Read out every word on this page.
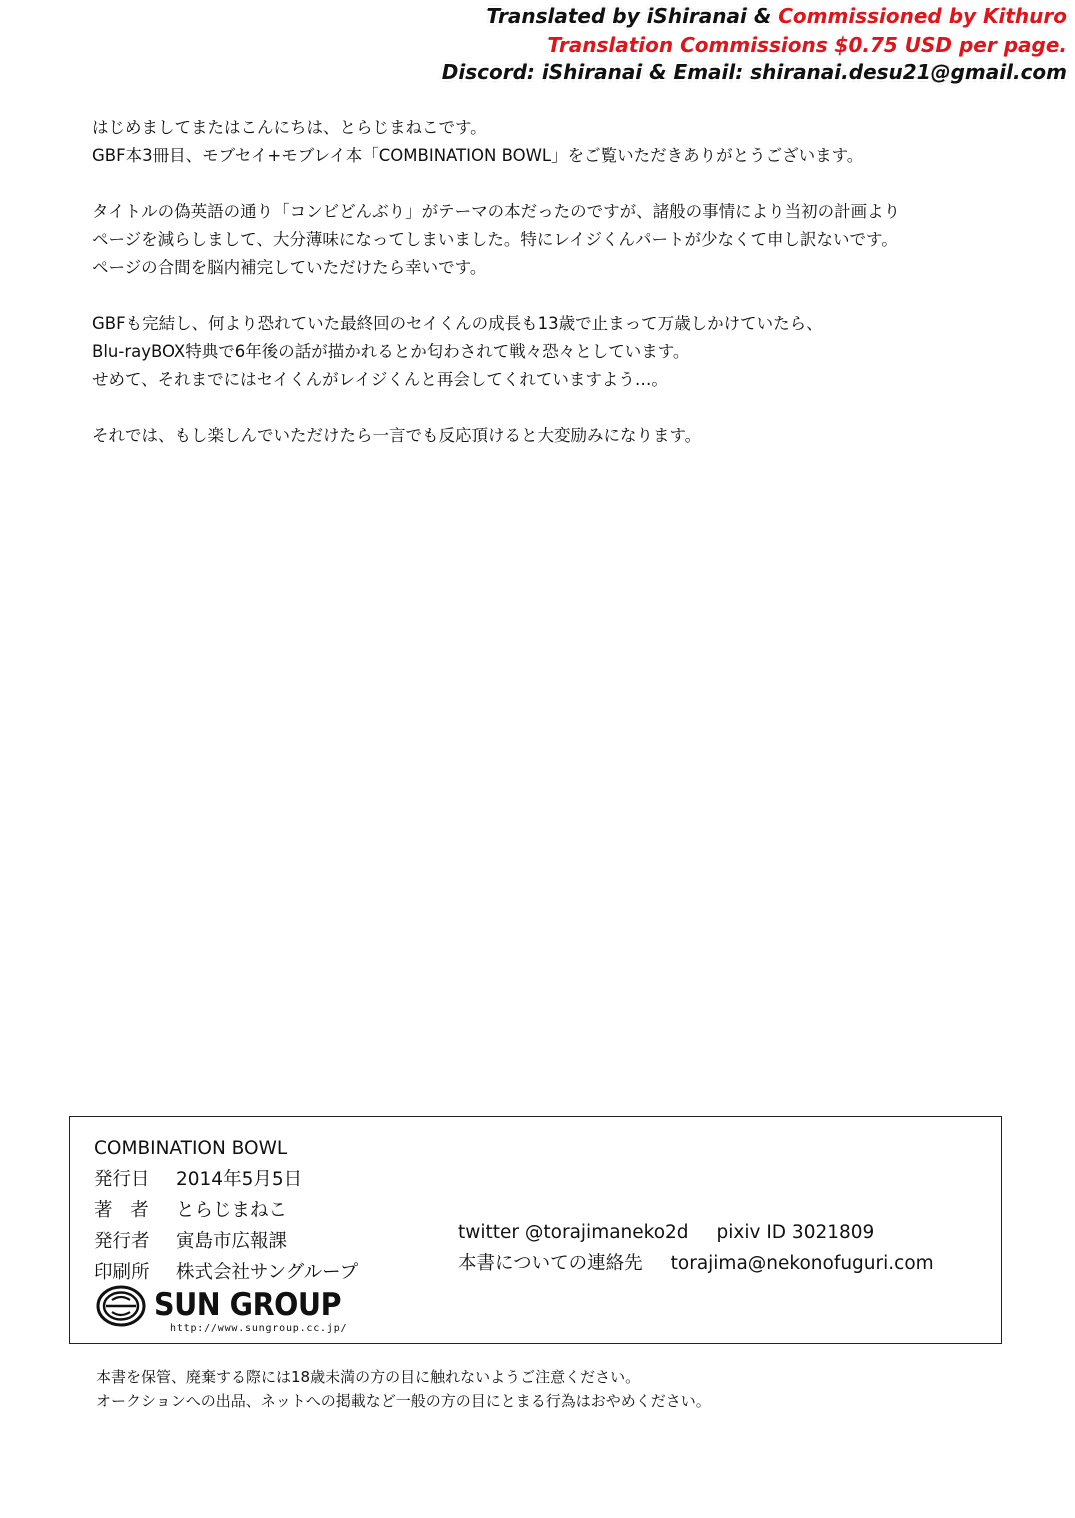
Translated by iShiranai & Commissioned by Kithuro
Translation Commissions $0.75 USD per page.
Discord: iShiranai & Email: shiranai.desu21@gmail.com

はじめましてまたはこんにちは、とらじまねこです。

GBF本3冊目、モブセイ+モブレイ本「COMBINATION BOWL」をご覧いただきありがとうございます。

タイトルの偽英語の通り「コンビどんぶり」がテーマの本だったのですが、諸般の事情により当初の計画より

ページを減らしまして、大分薄味になってしまいました。特にレイジくんパートが少なくて申し訳ないです。

ページの合間を脳内補完していただけたら幸いです。

GBFも完結し、何より恐れていた最終回のセイくんの成長も13歳で止まって万歳しかけていたら、

Blu-rayBOX特典で6年後の話が描かれるとか匂わされて戦々恐々としています。

せめて、それまでにはセイくんがレイジくんと再会してくれていますよう…。

それでは、もし楽しんでいただけたら一言でも反応頂けると大変励みになります。

COMBINATION BOWL
発行日 2014年5月5日
著者 とらじまねこ
発行者 寅島市広報課
印刷所 株式会社サングループ
twitter @torajimaneko2d pixiv ID 3021809
本書についての連絡先 torajima@nekonofuguri.com
SUN GROUP
http://www.sungroup.cc.jp/

本書を保管、廃棄する際には18歳未満の方の目に触れないようご注意ください。

オークションへの出品、ネットへの掲載など一般の方の目にとまる行為はおやめください。
